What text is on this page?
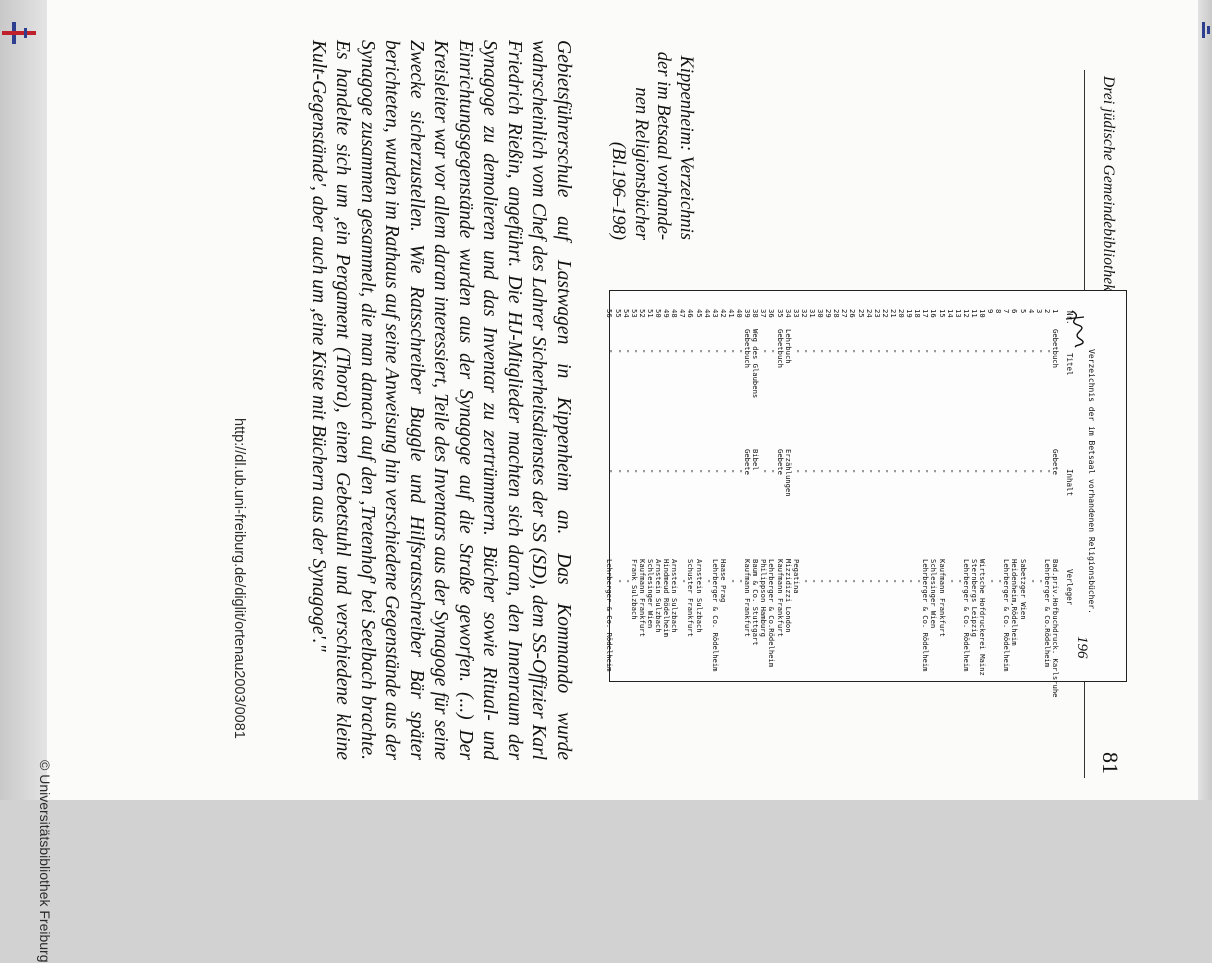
81
Verzeichnis der im Betsaal vorhandenen Religionsbücher.
196
Nr.
Titel
Inhalt
Verleger
1
Gebetbuch
Gebete
Bad.priv.Hofbuchdruck. Karlsruhe
2
"
"
Lehrberger & Co.Rödelheim
3
"
"
"
4
"
"
"
5
"
"
Sabetzger Wien
6
"
"
Heidenheim,Rödelheim
7
"
"
Lehrberger & Co. Rödelheim
8
"
"
"
9
"
"
"
10
"
"
Wirtsche Hofdruckerei Mainz
11
"
"
Sternbergs Leipzig
12
"
"
Lehrberger & Co. Rödelheim
13
"
"
"
14
"
"
"
15
"
"
Kaufmann Frankfurt
16
"
"
Schlesinger Wien
17
"
"
Lehrberger & Co. Rödelheim
18
"
"
"
19
"
"
"
20
"
"
"
21
"
"
"
22
"
"
"
23
"
"
"
24
"
"
"
25
"
"
"
26
"
"
"
27
"
"
"
28
"
"
"
29
"
"
"
30
"
"
"
31
"
"
"
32
"
"
"
33
"
"
Pegatina
34
Lehrbuch
Erzählungen
Mizzidizzi London
35
Gebetbuch
Gebete
Kaufmann Frankfurt
36
"
"
Lehrberger & Co.Rödelheim
37
"
"
Philippson Hamburg
38
Weg des Glaubens
Bibel
Baum & Co. Stuttgart
39
Gebetbuch
Gebete
Kaufmann Frankfurt
40
"
"
"
41
"
"
"
42
"
"
Haase Prag
43
"
"
Lehrberger & Co. Rödelheim
44
"
"
"
45
"
"
Arnstein Sulzbach
46
"
"
Schuster Frankfurt
47
"
"
"
48
"
"
Arnstein Sulzbach
49
"
"
Hindmeud Rödelheim
50
"
"
Arnstein Sulzbach
51
"
"
Schlesinger Wien
52
"
"
Kaufmann Frankfurt
53
"
"
Frank Sulzbach
54
"
"
"
55
"
"
"
56
"
"
Lehrberger & Co. Rödelheim
Kippenheim: Verzeichnis
der im Betsaal vorhande-
nen Religionsbücher
(Bl.196–198)

Gebietsführerschule auf Lastwagen in Kippenheim an. Das Kommando wurde wahrscheinlich vom Chef des Lahrer Sicherheitsdienstes der SS (SD), dem SS-Offizier Karl Friedrich Rießin, angeführt. Die HJ-Mitglieder machten sich daran, den Innenraum der Synagoge zu demolieren und das Inventar zu zertrümmern. Bücher sowie Ritual- und Einrichtungsgegenstände wurden aus der Synagoge auf die Straße geworfen. (...) Der Kreisleiter war vor allem daran interessiert, Teile des Inventars aus der Synagoge für seine Zwecke sicherzustellen. Wie Ratsschreiber Buggle und Hilfsratsschreiber Bär später berichteten, wurden im Rathaus auf seine Anweisung hin verschiedene Gegenstände aus der Synagoge zusammen gesammelt, die man danach auf den ,Tretenhof' bei Seelbach brachte. Es handelte sich um ,ein Pergament (Thora), einen Gebetstuhl und verschiedene kleine Kult-Gegenstände', aber auch um ,eine Kiste mit Büchern aus der Synagoge'."

http://dl.ub.uni-freiburg.de/diglit/ortenau2003/0081
© Universitätsbibliothek Freiburg
